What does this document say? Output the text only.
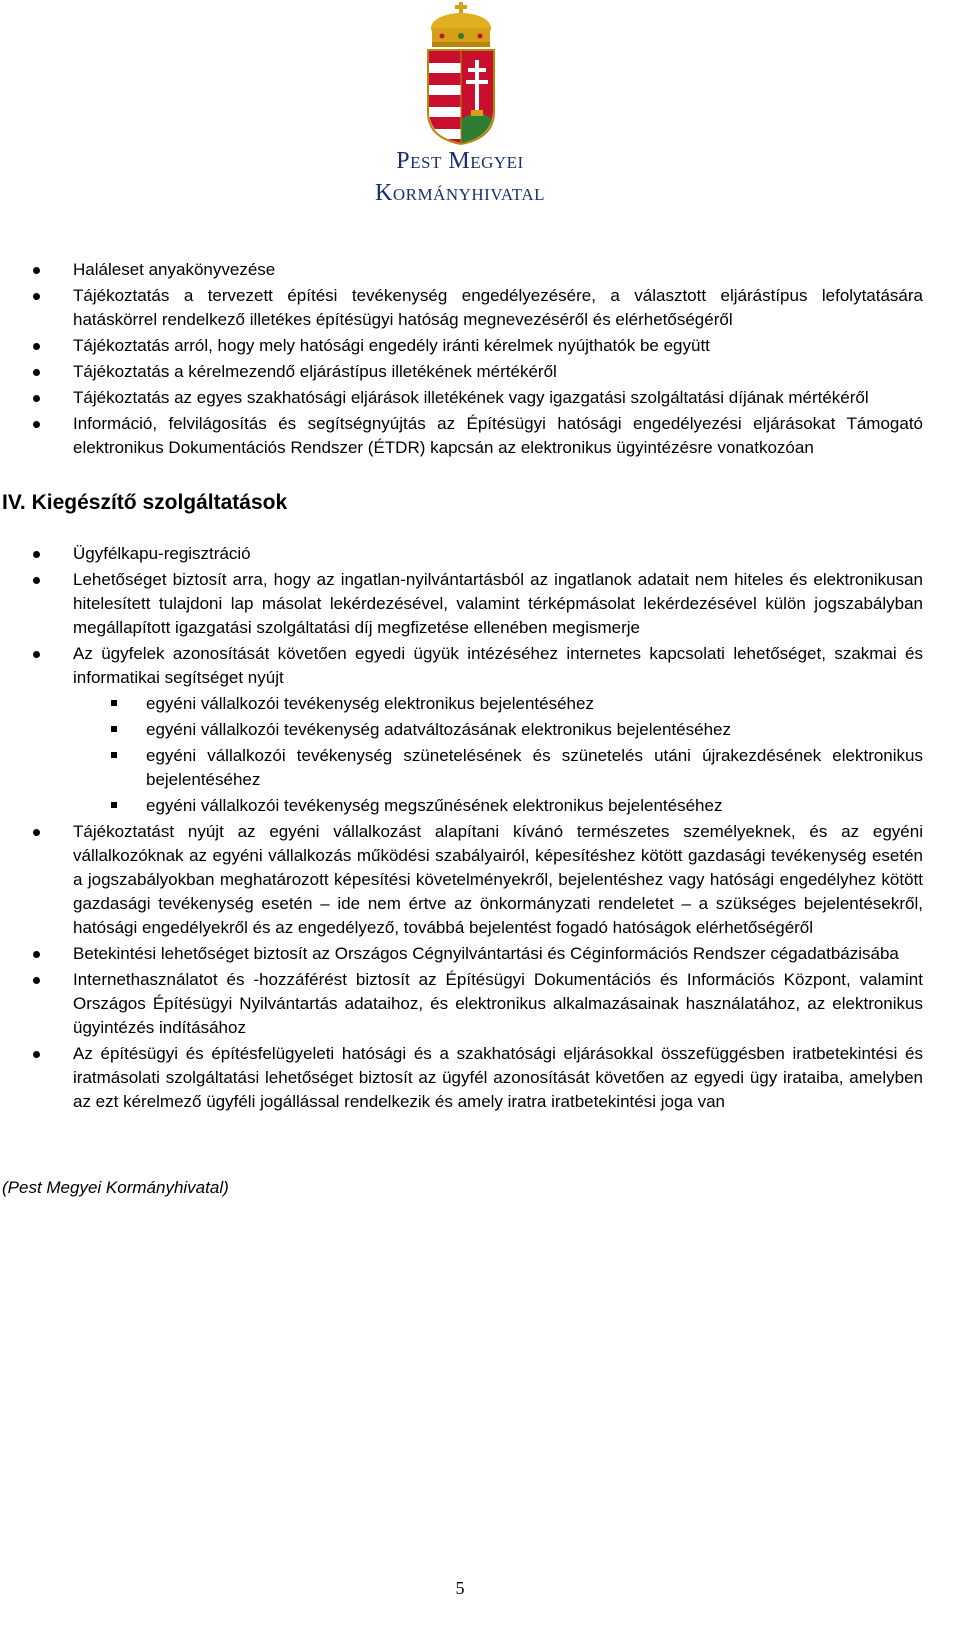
Pest Megyei
Kormányhivatal
Haláleset anyakönyvezése
Tájékoztatás a tervezett építési tevékenység engedélyezésére, a választott eljárástípus lefolytatására hatáskörrel rendelkező illetékes építésügyi hatóság megnevezéséről és elérhetőségéről
Tájékoztatás arról, hogy mely hatósági engedély iránti kérelmek nyújthatók be együtt
Tájékoztatás a kérelmezendő eljárástípus illetékének mértékéről
Tájékoztatás az egyes szakhatósági eljárások illetékének vagy igazgatási szolgáltatási díjának mértékéről
Információ, felvilágosítás és segítségnyújtás az Építésügyi hatósági engedélyezési eljárásokat Támogató elektronikus Dokumentációs Rendszer (ÉTDR) kapcsán az elektronikus ügyintézésre vonatkozóan
IV. Kiegészítő szolgáltatások
Ügyfélkapu-regisztráció
Lehetőséget biztosít arra, hogy az ingatlan-nyilvántartásból az ingatlanok adatait nem hiteles és elektronikusan hitelesített tulajdoni lap másolat lekérdezésével, valamint térképmásolat lekérdezésével külön jogszabályban megállapított igazgatási szolgáltatási díj megfizetése ellenében megismerje
Az ügyfelek azonosítását követően egyedi ügyük intézéséhez internetes kapcsolati lehetőséget, szakmai és informatikai segítséget nyújt
egyéni vállalkozói tevékenység elektronikus bejelentéséhez
egyéni vállalkozói tevékenység adatváltozásának elektronikus bejelentéséhez
egyéni vállalkozói tevékenység szünetelésének és szünetelés utáni újrakezdésének elektronikus bejelentéséhez
egyéni vállalkozói tevékenység megszűnésének elektronikus bejelentéséhez
Tájékoztatást nyújt az egyéni vállalkozást alapítani kívánó természetes személyeknek, és az egyéni vállalkozóknak az egyéni vállalkozás működési szabályairól, képesítéshez kötött gazdasági tevékenység esetén a jogszabályokban meghatározott képesítési követelményekről, bejelentéshez vagy hatósági engedélyhez kötött gazdasági tevékenység esetén – ide nem értve az önkormányzati rendeletet – a szükséges bejelentésekről, hatósági engedélyekről és az engedélyező, továbbá bejelentést fogadó hatóságok elérhetőségéről
Betekintési lehetőséget biztosít az Országos Cégnyilvántartási és Céginformációs Rendszer cégadatbázisába
Internethasználatot és -hozzáférést biztosít az Építésügyi Dokumentációs és Információs Központ, valamint Országos Építésügyi Nyilvántartás adataihoz, és elektronikus alkalmazásainak használatához, az elektronikus ügyintézés indításához
Az építésügyi és építésfelügyeleti hatósági és a szakhatósági eljárásokkal összefüggésben iratbetekintési és iratmásolati szolgáltatási lehetőséget biztosít az ügyfél azonosítását követően az egyedi ügy irataiba, amelyben az ezt kérelmező ügyféli jogállással rendelkezik és amely iratra iratbetekintési joga van
(Pest Megyei Kormányhivatal)
5
